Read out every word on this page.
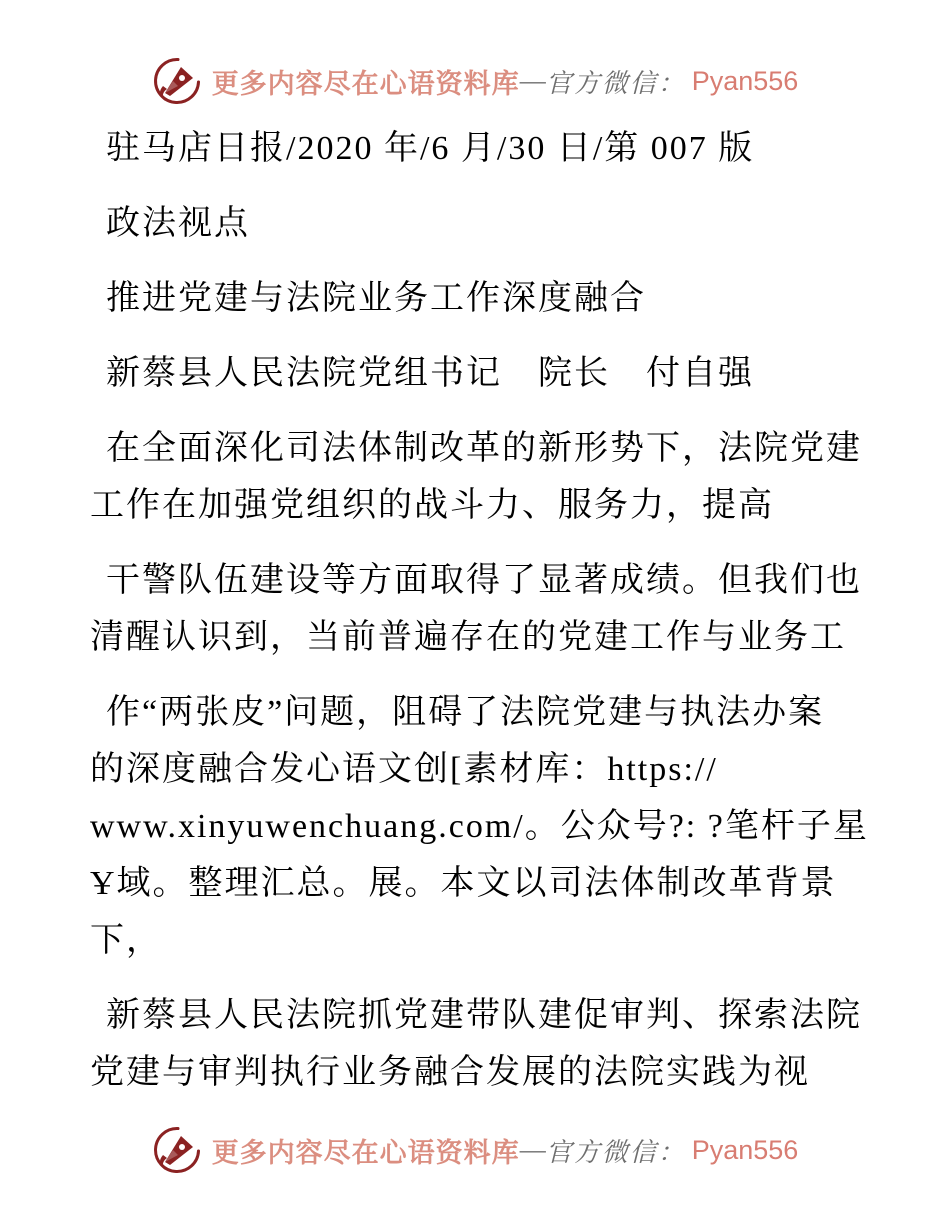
更多内容尽在心语资料库 — 官方微信： Pyan556
驻马店日报/2020 年/6 月/30 日/第 007 版
政法视点
推进党建与法院业务工作深度融合
新蔡县人民法院党组书记　院长　付自强
在全面深化司法体制改革的新形势下，法院党建
工作在加强党组织的战斗力、服务力，提高
干警队伍建设等方面取得了显著成绩。但我们也
清醒认识到，当前普遍存在的党建工作与业务工
作“两张皮”问题，阻碍了法院党建与执法办案
的深度融合发心语文创[素材库：https://
www.xinyuwenchuang.com/。公众号?: ?笔杆子星
Ұ域。整理汇总。展。本文以司法体制改革背景
下，
新蔡县人民法院抓党建带队建促审判、探索法院
党建与审判执行业务融合发展的法院实践为视
更多内容尽在心语资料库 — 官方微信： Pyan556
